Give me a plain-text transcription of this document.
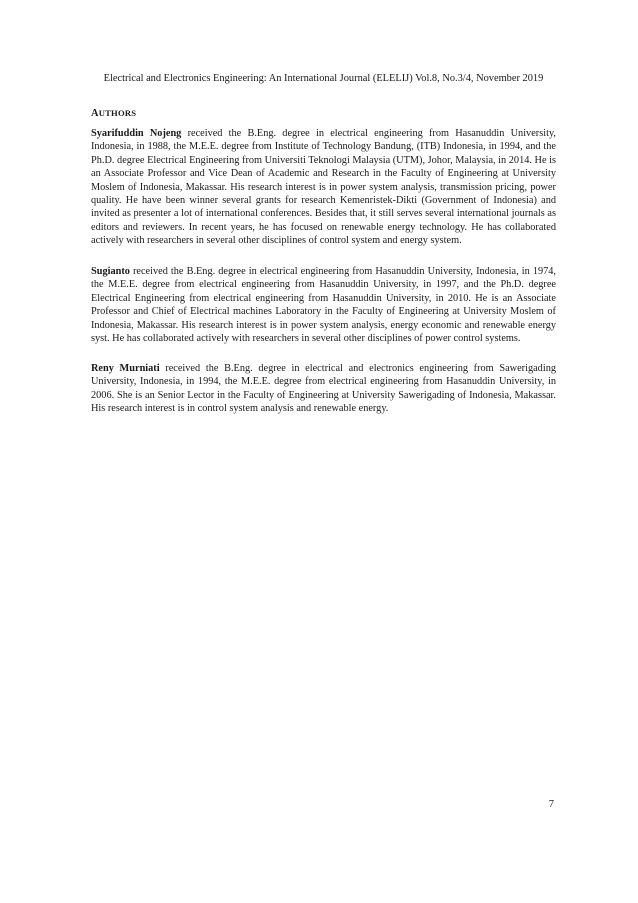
Electrical and Electronics Engineering: An International Journal (ELELIJ) Vol.8, No.3/4, November 2019
AUTHORS

Syarifuddin Nojeng received the B.Eng. degree in electrical engineering from Hasanuddin University, Indonesia, in 1988, the M.E.E. degree from Institute of Technology Bandung, (ITB) Indonesia, in 1994, and the Ph.D. degree Electrical Engineering from Universiti Teknologi Malaysia (UTM), Johor, Malaysia, in 2014. He is an Associate Professor and Vice Dean of Academic and Research in the Faculty of Engineering at University Moslem of Indonesia, Makassar. His research interest is in power system analysis, transmission pricing, power quality. He have been winner several grants for research Kemenristek-Dikti (Government of Indonesia) and invited as presenter a lot of international conferences. Besides that, it still serves several international journals as editors and reviewers. In recent years, he has focused on renewable energy technology. He has collaborated actively with researchers in several other disciplines of control system and energy system.

Sugianto received the B.Eng. degree in electrical engineering from Hasanuddin University, Indonesia, in 1974, the M.E.E. degree from electrical engineering from Hasanuddin University, in 1997, and the Ph.D. degree Electrical Engineering from electrical engineering from Hasanuddin University, in 2010. He is an Associate Professor and Chief of Electrical machines Laboratory in the Faculty of Engineering at University Moslem of Indonesia, Makassar. His research interest is in power system analysis, energy economic and renewable energy syst. He has collaborated actively with researchers in several other disciplines of power control systems.

Reny Murniati received the B.Eng. degree in electrical and electronics engineering from Sawerigading University, Indonesia, in 1994, the M.E.E. degree from electrical engineering from Hasanuddin University, in 2006. She is an Senior Lector in the Faculty of Engineering at University Sawerigading of Indonesia, Makassar. His research interest is in control system analysis and renewable energy.

7
